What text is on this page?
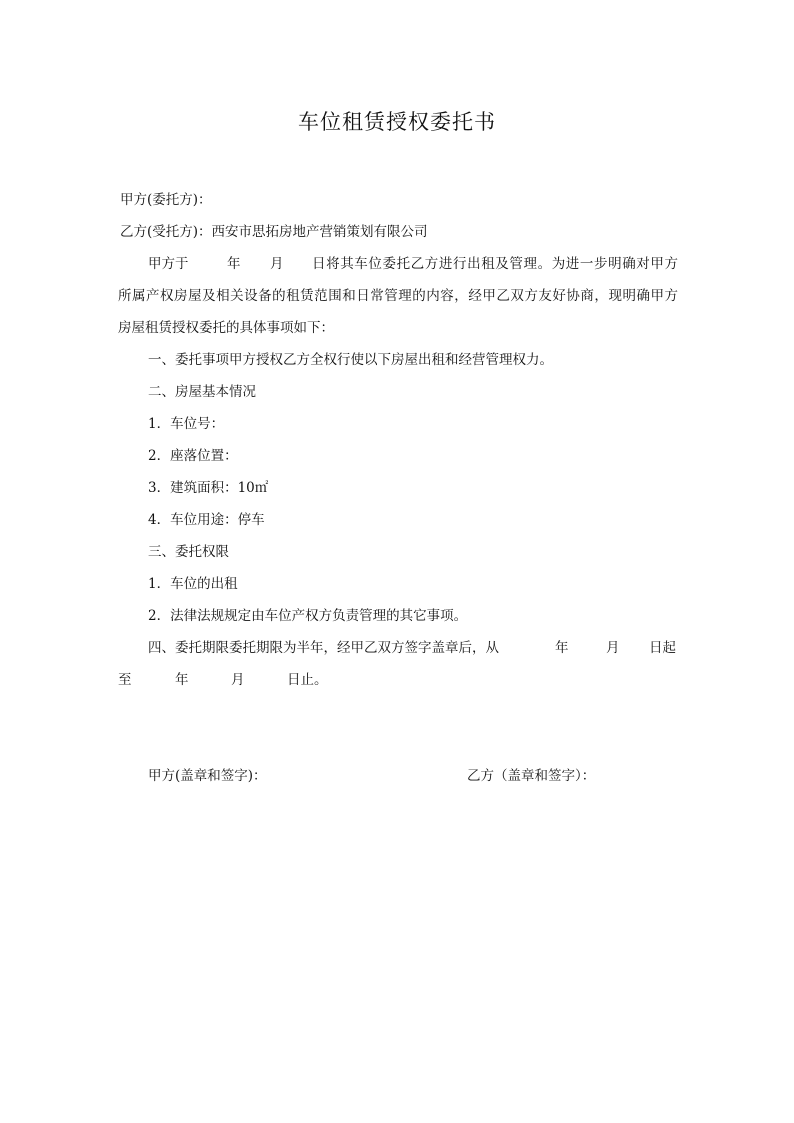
车位租赁授权委托书
甲方(委托方)：
乙方(受托方)：西安市思拓房地产营销策划有限公司
甲方于	年 月 日将其车位委托乙方进行出租及管理。为进一步明确对甲方
所属产权房屋及相关设备的租赁范围和日常管理的内容，经甲乙双方友好协商，现明确甲方
房屋租赁授权委托的具体事项如下：
一、委托事项甲方授权乙方全权行使以下房屋出租和经营管理权力。
二、房屋基本情况
1．车位号：
2．座落位置：
3．建筑面积：10㎡
4．车位用途：停车
三、委托权限
1．车位的出租
2．法律法规规定由车位产权方负责管理的其它事项。
四、委托期限委托期限为半年，经甲乙双方签字盖章后，从	年	月 日起
至	年	月	日止。
甲方(盖章和签字)：	乙方（盖章和签字）：
